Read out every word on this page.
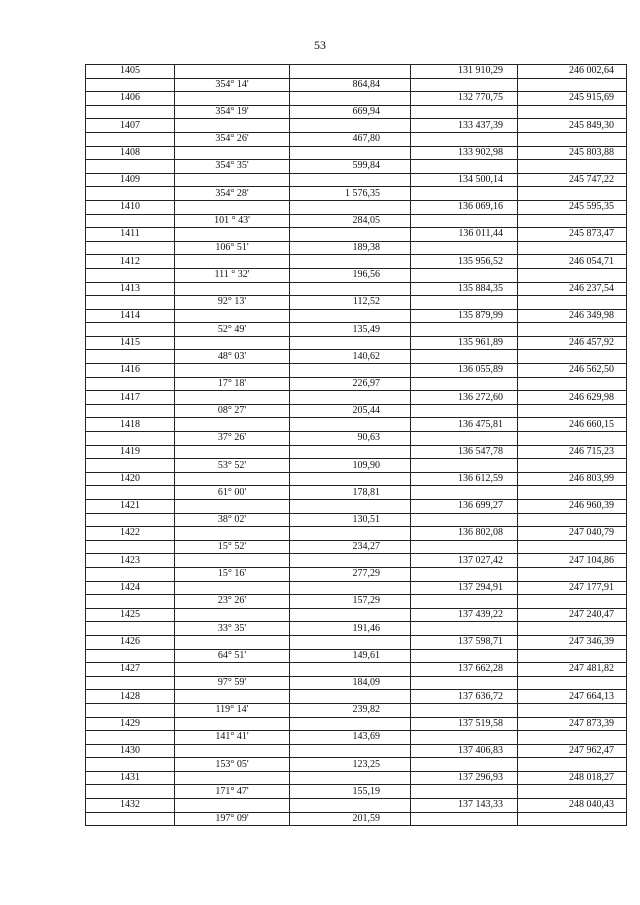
53
1405			131 910,29	246 002,64
	354° 14'	864,84		
1406			132 770,75	245 915,69
	354° 19'	669,94		
1407			133 437,39	245 849,30
	354° 26'	467,80		
1408			133 902,98	245 803,88
	354° 35'	599,84		
1409			134 500,14	245 747,22
	354° 28'	1 576,35		
1410			136 069,16	245 595,35
	101 ° 43'	284,05		
1411			136 011,44	245 873,47
	106° 51'	189,38		
1412			135 956,52	246 054,71
	111 ° 32'	196,56		
1413			135 884,35	246 237,54
	92° 13'	112,52		
1414			135 879,99	246 349,98
	52° 49'	135,49		
1415			135 961,89	246 457,92
	48° 03'	140,62		
1416			136 055,89	246 562,50
	17° 18'	226,97		
1417			136 272,60	246 629,98
	08° 27'	205,44		
1418			136 475,81	246 660,15
	37° 26'	90,63		
1419			136 547,78	246 715,23
	53° 52'	109,90		
1420			136 612,59	246 803,99
	61° 00'	178,81		
1421			136 699,27	246 960,39
	38° 02'	130,51		
1422			136 802,08	247 040,79
	15° 52'	234,27		
1423			137 027,42	247 104,86
	15° 16'	277,29		
1424			137 294,91	247 177,91
	23° 26'	157,29		
1425			137 439,22	247 240,47
	33° 35'	191,46		
1426			137 598,71	247 346,39
	64° 51'	149,61		
1427			137 662,28	247 481,82
	97° 59'	184,09		
1428			137 636,72	247 664,13
	119° 14'	239,82		
1429			137 519,58	247 873,39
	141° 41'	143,69		
1430			137 406,83	247 962,47
	153° 05'	123,25		
1431			137 296,93	248 018,27
	171° 47'	155,19		
1432			137 143,33	248 040,43
	197° 09'	201,59		
